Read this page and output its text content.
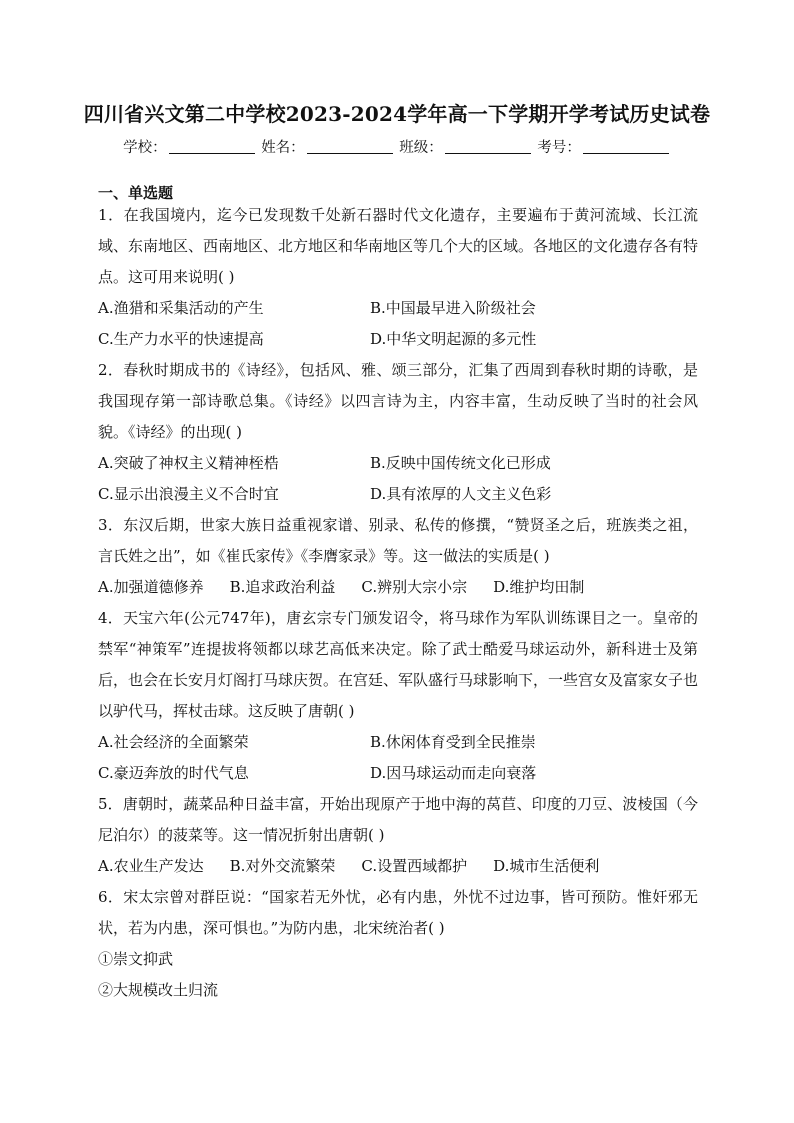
四川省兴文第二中学校2023-2024学年高一下学期开学考试历史试卷
学校：	姓名：	班级：	考号：
一、单选题
1．在我国境内，迄今已发现数千处新石器时代文化遗存，主要遍布于黄河流域、长江流域、东南地区、西南地区、北方地区和华南地区等几个大的区域。各地区的文化遗存各有特点。这可用来说明( )
A.渔猎和采集活动的产生	B.中国最早进入阶级社会
C.生产力水平的快速提高	D.中华文明起源的多元性
2．春秋时期成书的《诗经》，包括风、雅、颂三部分，汇集了西周到春秋时期的诗歌，是我国现存第一部诗歌总集。《诗经》以四言诗为主，内容丰富，生动反映了当时的社会风貌。《诗经》的出现( )
A.突破了神权主义精神桎梏	B.反映中国传统文化已形成
C.显示出浪漫主义不合时宜	D.具有浓厚的人文主义色彩
3．东汉后期，世家大族日益重视家谱、别录、私传的修撰，“赞贤圣之后，班族类之祖，言氏姓之出”，如《崔氏家传》《李膺家录》等。这一做法的实质是( )
A.加强道德修养 B.追求政治利益 C.辨别大宗小宗 D.维护均田制
4．天宝六年(公元747年)，唐玄宗专门颁发诏令，将马球作为军队训练课目之一。皇帝的禁军“神策军”连提拔将领都以球艺高低来决定。除了武士酷爱马球运动外，新科进士及第后，也会在长安月灯阁打马球庆贺。在宫廷、军队盛行马球影响下，一些宫女及富家女子也以驴代马，挥杖击球。这反映了唐朝( )
A.社会经济的全面繁荣	B.休闲体育受到全民推崇
C.豪迈奔放的时代气息	D.因马球运动而走向衰落
5．唐朝时，蔬菜品种日益丰富，开始出现原产于地中海的莴苣、印度的刀豆、波棱国（今尼泊尔）的菠菜等。这一情况折射出唐朝( )
A.农业生产发达 B.对外交流繁荣 C.设置西域都护 D.城市生活便利
6．宋太宗曾对群臣说：“国家若无外忧，必有内患，外忧不过边事，皆可预防。惟奸邪无状，若为内患，深可惧也。”为防内患，北宋统治者( )
①崇文抑武
②大规模改土归流
